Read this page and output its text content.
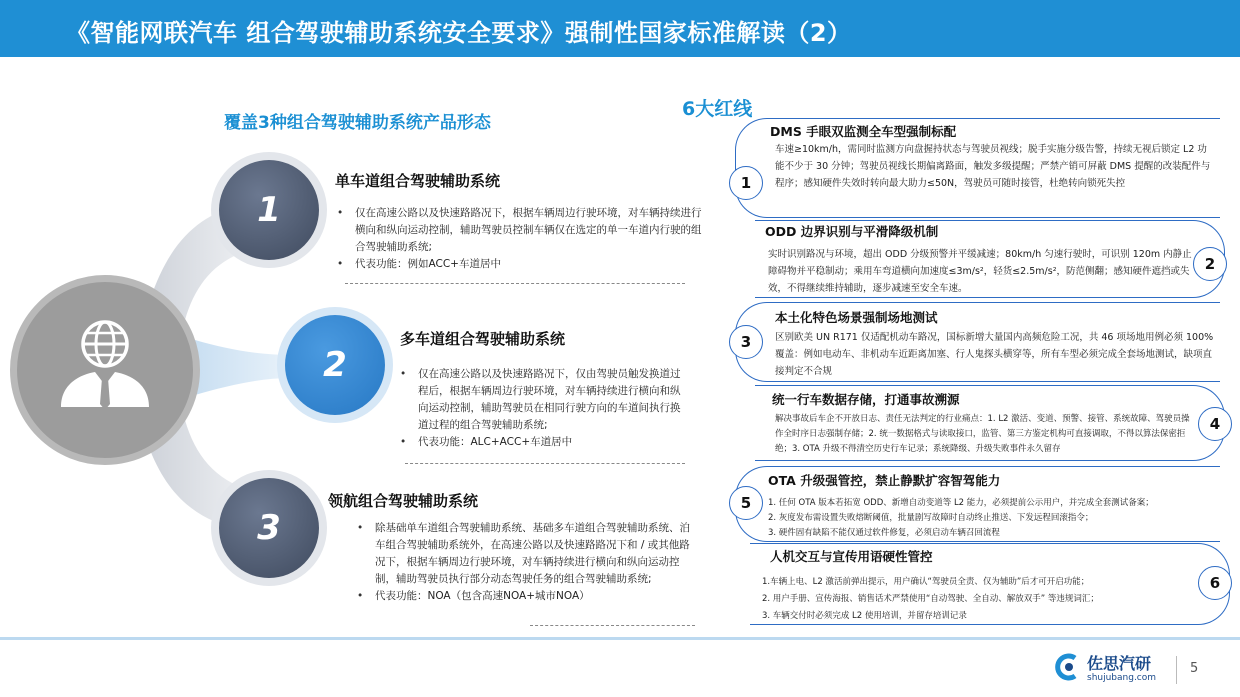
《智能网联汽车 组合驾驶辅助系统安全要求》强制性国家标准解读（2）
覆盖3种组合驾驶辅助系统产品形态
6大红线
1
2
3
单车道组合驾驶辅助系统
• 仅在高速公路以及快速路路况下，根据车辆周边行驶环境，对车辆持续进行横向和纵向运动控制，辅助驾驶员控制车辆仅在选定的单一车道内行驶的组合驾驶辅助系统;
• 代表功能：例如ACC+车道居中
多车道组合驾驶辅助系统
• 仅在高速公路以及快速路路况下，仅由驾驶员触发换道过程后，根据车辆周边行驶环境，对车辆持续进行横向和纵向运动控制，辅助驾驶员在相同行驶方向的车道间执行换道过程的组合驾驶辅助系统;
• 代表功能：ALC+ACC+车道居中
领航组合驾驶辅助系统
• 除基础单车道组合驾驶辅助系统、基础多车道组合驾驶辅助系统、泊车组合驾驶辅助系统外，在高速公路以及快速路路况下和 / 或其他路况下，根据车辆周边行驶环境，对车辆持续进行横向和纵向运动控制，辅助驾驶员执行部分动态驾驶任务的组合驾驶辅助系统;
• 代表功能：NOA（包含高速NOA+城市NOA）
1
DMS 手眼双监测全车型强制标配
车速≥10km/h，需同时监测方向盘握持状态与驾驶员视线；脱手实施分级告警，持续无视后锁定 L2 功能不少于 30 分钟；驾驶员视线长期偏离路面，触发多级提醒；严禁产销可屏蔽 DMS 提醒的改装配件与程序；感知硬件失效时转向最大助力≤50N，驾驶员可随时接管，杜绝转向锁死失控
2
ODD 边界识别与平滑降级机制
实时识别路况与环境，超出 ODD 分级预警并平缓减速；80km/h 匀速行驶时，可识别 120m 内静止障碍物并平稳制动；乘用车弯道横向加速度≤3m/s²，轻货≤2.5m/s²，防范侧翻；感知硬件遮挡或失效，不得继续维持辅助，逐步减速至安全车速。
3
本土化特色场景强制场地测试
区别欧美 UN R171 仅适配机动车路况，国标新增大量国内高频危险工况，共 46 项场地用例必须 100% 覆盖：例如电动车、非机动车近距离加塞、行人鬼探头横穿等，所有车型必须完成全套场地测试，缺项直接判定不合规
4
统一行车数据存储，打通事故溯源
解决事故后车企不开放日志、责任无法判定的行业痛点：1. L2 激活、变道、预警、接管、系统故障、驾驶员操作全时序日志强制存储；2. 统一数据格式与读取接口，监管、第三方鉴定机构可直接调取，不得以算法保密拒绝；3. OTA 升级不得清空历史行车记录；系统降级、升级失败事件永久留存
5
OTA 升级强管控，禁止静默扩容智驾能力
1. 任何 OTA 版本若拓宽 ODD、新增自动变道等 L2 能力，必须提前公示用户，并完成全套测试备案；
2. 灰度发布需设置失败熔断阈值，批量剧写故障时自动终止推送、下发远程回滚指令；
3. 硬件固有缺陷不能仅通过软件修复，必须启动车辆召回流程
6
人机交互与宣传用语硬性管控
1.车辆上电、L2 激活前弹出提示，用户确认“驾驶员全责、仅为辅助”后才可开启功能；
2. 用户手册、宣传海报、销售话术严禁使用“自动驾驶、全自动、解放双手” 等违规词汇；
3. 车辆交付时必须完成 L2 使用培训，并留存培训记录
佐思汽研
shujubang.com
5
